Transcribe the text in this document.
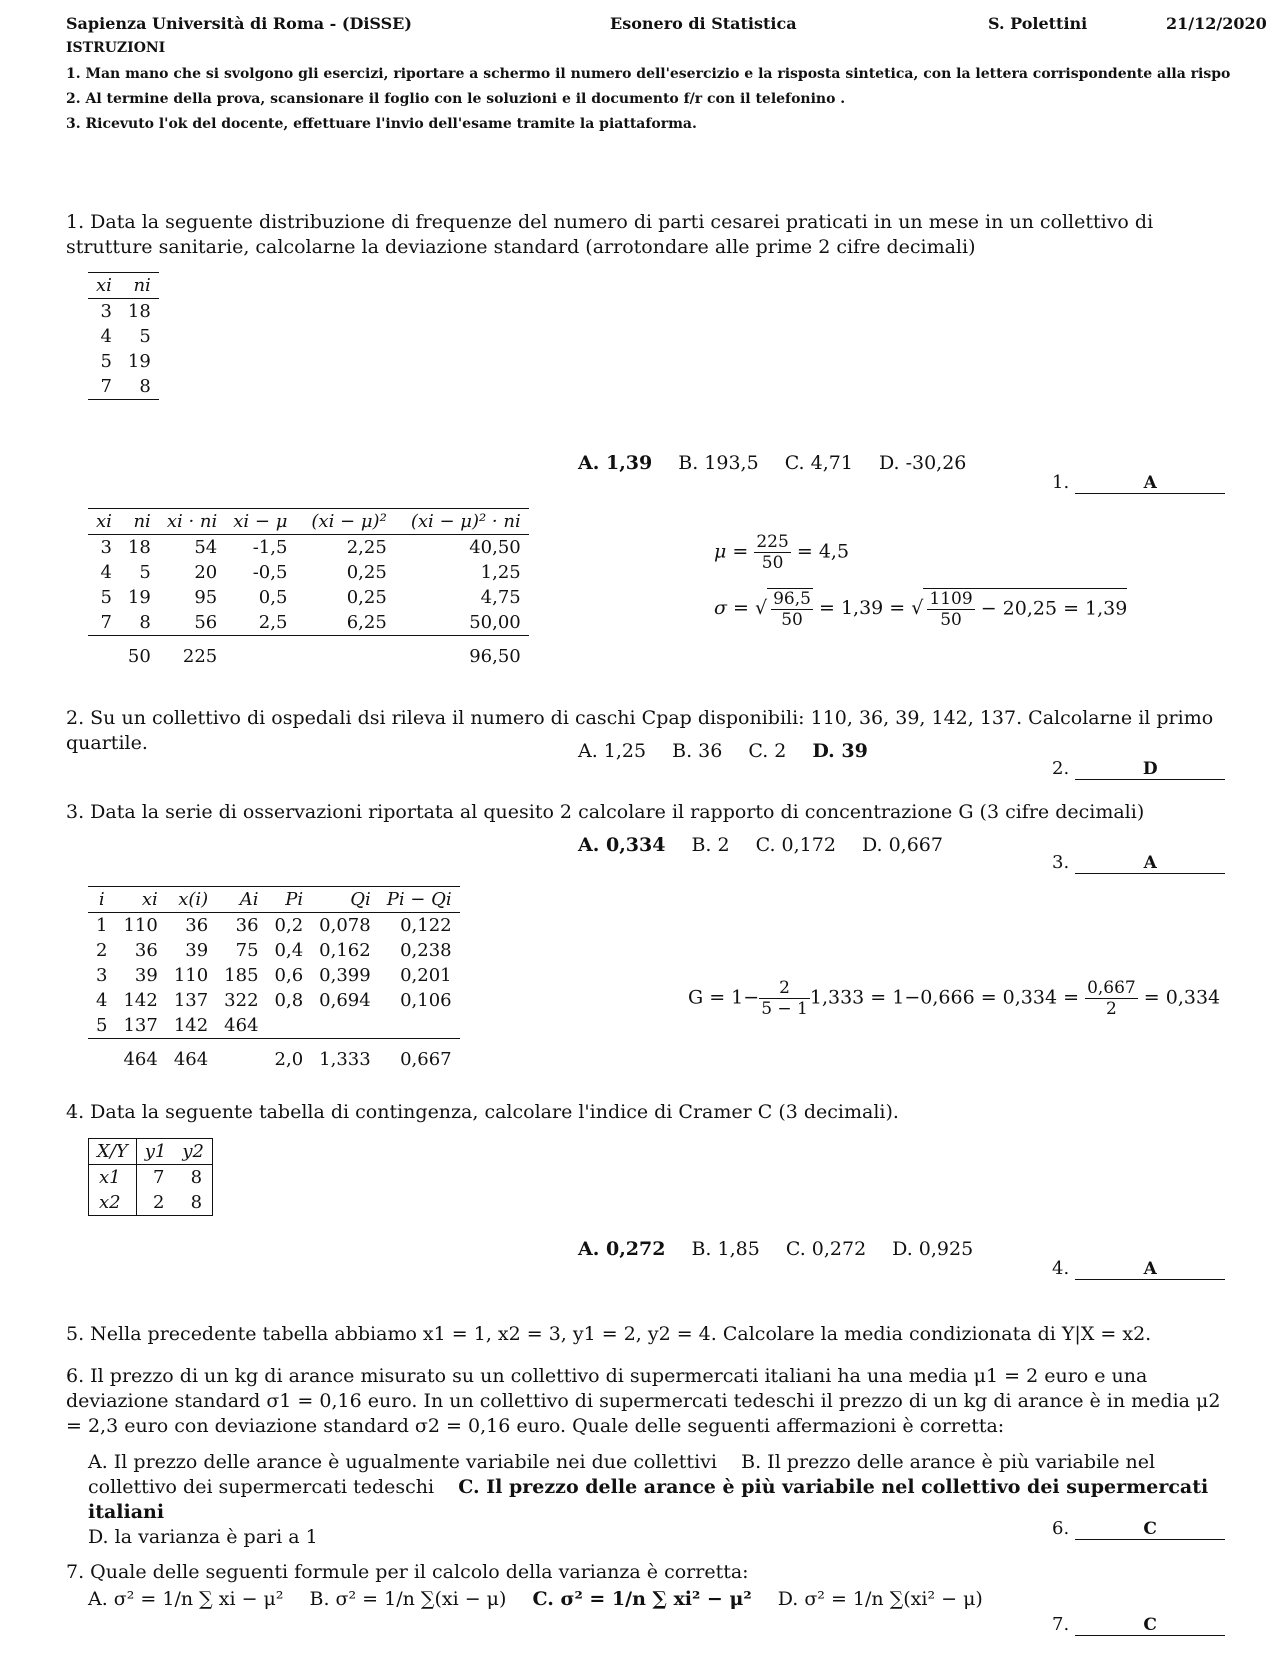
Sapienza Università di Roma - (DiSSE)	Esonero di Statistica	S. Polettini	21/12/2020
ISTRUZIONI
1. Man mano che si svolgono gli esercizi, riportare a schermo il numero dell'esercizio e la risposta sintetica, con la lettera corrispondente alla rispo
2. Al termine della prova, scansionare il foglio con le soluzioni e il documento f/r con il telefonino .
3. Ricevuto l'ok del docente, effettuare l'invio dell'esame tramite la piattaforma.
1. Data la seguente distribuzione di frequenze del numero di parti cesarei praticati in un mese in un collettivo di strutture sanitarie, calcolarne la deviazione standard (arrotondare alle prime 2 cifre decimali)
xi	ni
3	18
4	5
5	19
7	8
A. 1,39 B. 193,5 C. 4,71 D. -30,26
1.	A
xi	ni	xi · ni	xi − μ	(xi − μ)²	(xi − μ)² · ni
3	18	54	-1,5	2,25	40,50
4	5	20	-0,5	0,25	1,25
5	19	95	0,5	0,25	4,75
7	8	56	2,5	6,25	50,00
	50	225			96,50
$\mu = \frac{225}{50} = 4,5$
σ = √ $\frac{96,5}{50} = 1,39$ = √ $\frac{1109}{50} - 20,25 = 1,39$
2. Su un collettivo di ospedali dsi rileva il numero di caschi Cpap disponibili: 110, 36, 39, 142, 137. Calcolarne il primo quartile.	A. 1,25 B. 36 C. 2 D. 39
2.	D
3. Data la serie di osservazioni riportata al quesito 2 calcolare il rapporto di concentrazione G (3 cifre decimali)
A. 0,334 B. 2 C. 0,172 D. 0,667
3.	A
i	xi	x(i)	Ai	Pi	Qi	Pi − Qi
1	110	36	36	0,2	0,078	0,122
2	36	39	75	0,4	0,162	0,238
3	39	110	185	0,6	0,399	0,201
4	142	137	322	0,8	0,694	0,106
5	137	142	464			
	464	464		2,0	1,333	0,667
$G = 1- \frac{2}{5 - 1} 1,333 = 1-0,666 = 0,334 = \frac{0,667}{2} = 0,334$
4. Data la seguente tabella di contingenza, calcolare l'indice di Cramer C (3 decimali).
X/Y	y1	y2
x1	7	8
x2	2	8
A. 0,272 B. 1,85 C. 0,272 D. 0,925
4.	A
5. Nella precedente tabella abbiamo x1 = 1, x2 = 3, y1 = 2, y2 = 4. Calcolare la media condizionata di Y|X = x2.
6. Il prezzo di un kg di arance misurato su un collettivo di supermercati italiani ha una media μ1 = 2 euro e una deviazione standard σ1 = 0,16 euro. In un collettivo di supermercati tedeschi il prezzo di un kg di arance è in media μ2 = 2,3 euro con deviazione standard σ2 = 0,16 euro. Quale delle seguenti affermazioni è corretta:
A. Il prezzo delle arance è ugualmente variabile nei due collettivi B. Il prezzo delle arance è più variabile nel collettivo dei supermercati tedeschi C. Il prezzo delle arance è più variabile nel collettivo dei supermercati italiani
D. la varianza è pari a 1	6.	C
7. Quale delle seguenti formule per il calcolo della varianza è corretta:
A. σ² = 1/n ∑ xi − μ² B. σ² = 1/n ∑(xi − μ) C. σ² = 1/n ∑ xi² − μ² D. σ² = 1/n ∑(xi² − μ)
7.	C
